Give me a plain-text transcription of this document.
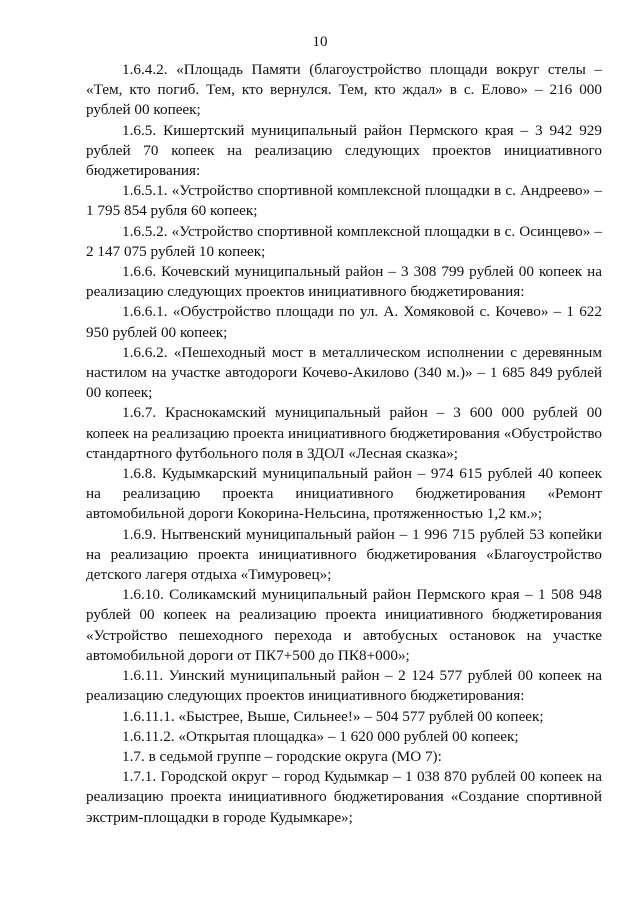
10

1.6.4.2. «Площадь Памяти (благоустройство площади вокруг стелы – «Тем, кто погиб. Тем, кто вернулся. Тем, кто ждал» в с. Елово» – 216 000 рублей 00 копеек;

1.6.5. Кишертский муниципальный район Пермского края – 3 942 929 рублей 70 копеек на реализацию следующих проектов инициативного бюджетирования:

1.6.5.1. «Устройство спортивной комплексной площадки в с. Андреево» – 1 795 854 рубля 60 копеек;

1.6.5.2. «Устройство спортивной комплексной площадки в с. Осинцево» – 2 147 075 рублей 10 копеек;

1.6.6. Кочевский муниципальный район – 3 308 799 рублей 00 копеек на реализацию следующих проектов инициативного бюджетирования:

1.6.6.1. «Обустройство площади по ул. А. Хомяковой с. Кочево» – 1 622 950 рублей 00 копеек;

1.6.6.2. «Пешеходный мост в металлическом исполнении с деревянным настилом на участке автодороги Кочево-Акилово (340 м.)» – 1 685 849 рублей 00 копеек;

1.6.7. Краснокамский муниципальный район – 3 600 000 рублей 00 копеек на реализацию проекта инициативного бюджетирования «Обустройство стандартного футбольного поля в ЗДОЛ «Лесная сказка»;

1.6.8. Кудымкарский муниципальный район – 974 615 рублей 40 копеек на реализацию проекта инициативного бюджетирования «Ремонт автомобильной дороги Кокорина-Нельсина, протяженностью 1,2 км.»;

1.6.9. Нытвенский муниципальный район – 1 996 715 рублей 53 копейки на реализацию проекта инициативного бюджетирования «Благоустройство детского лагеря отдыха «Тимуровец»;

1.6.10. Соликамский муниципальный район Пермского края – 1 508 948 рублей 00 копеек на реализацию проекта инициативного бюджетирования «Устройство пешеходного перехода и автобусных остановок на участке автомобильной дороги от ПК7+500 до ПК8+000»;

1.6.11. Уинский муниципальный район – 2 124 577 рублей 00 копеек на реализацию следующих проектов инициативного бюджетирования:

1.6.11.1. «Быстрее, Выше, Сильнее!» – 504 577 рублей 00 копеек;

1.6.11.2. «Открытая площадка» – 1 620 000 рублей 00 копеек;

1.7. в седьмой группе – городские округа (МО 7):

1.7.1. Городской округ – город Кудымкар – 1 038 870 рублей 00 копеек на реализацию проекта инициативного бюджетирования «Создание спортивной экстрим-площадки в городе Кудымкаре»;
